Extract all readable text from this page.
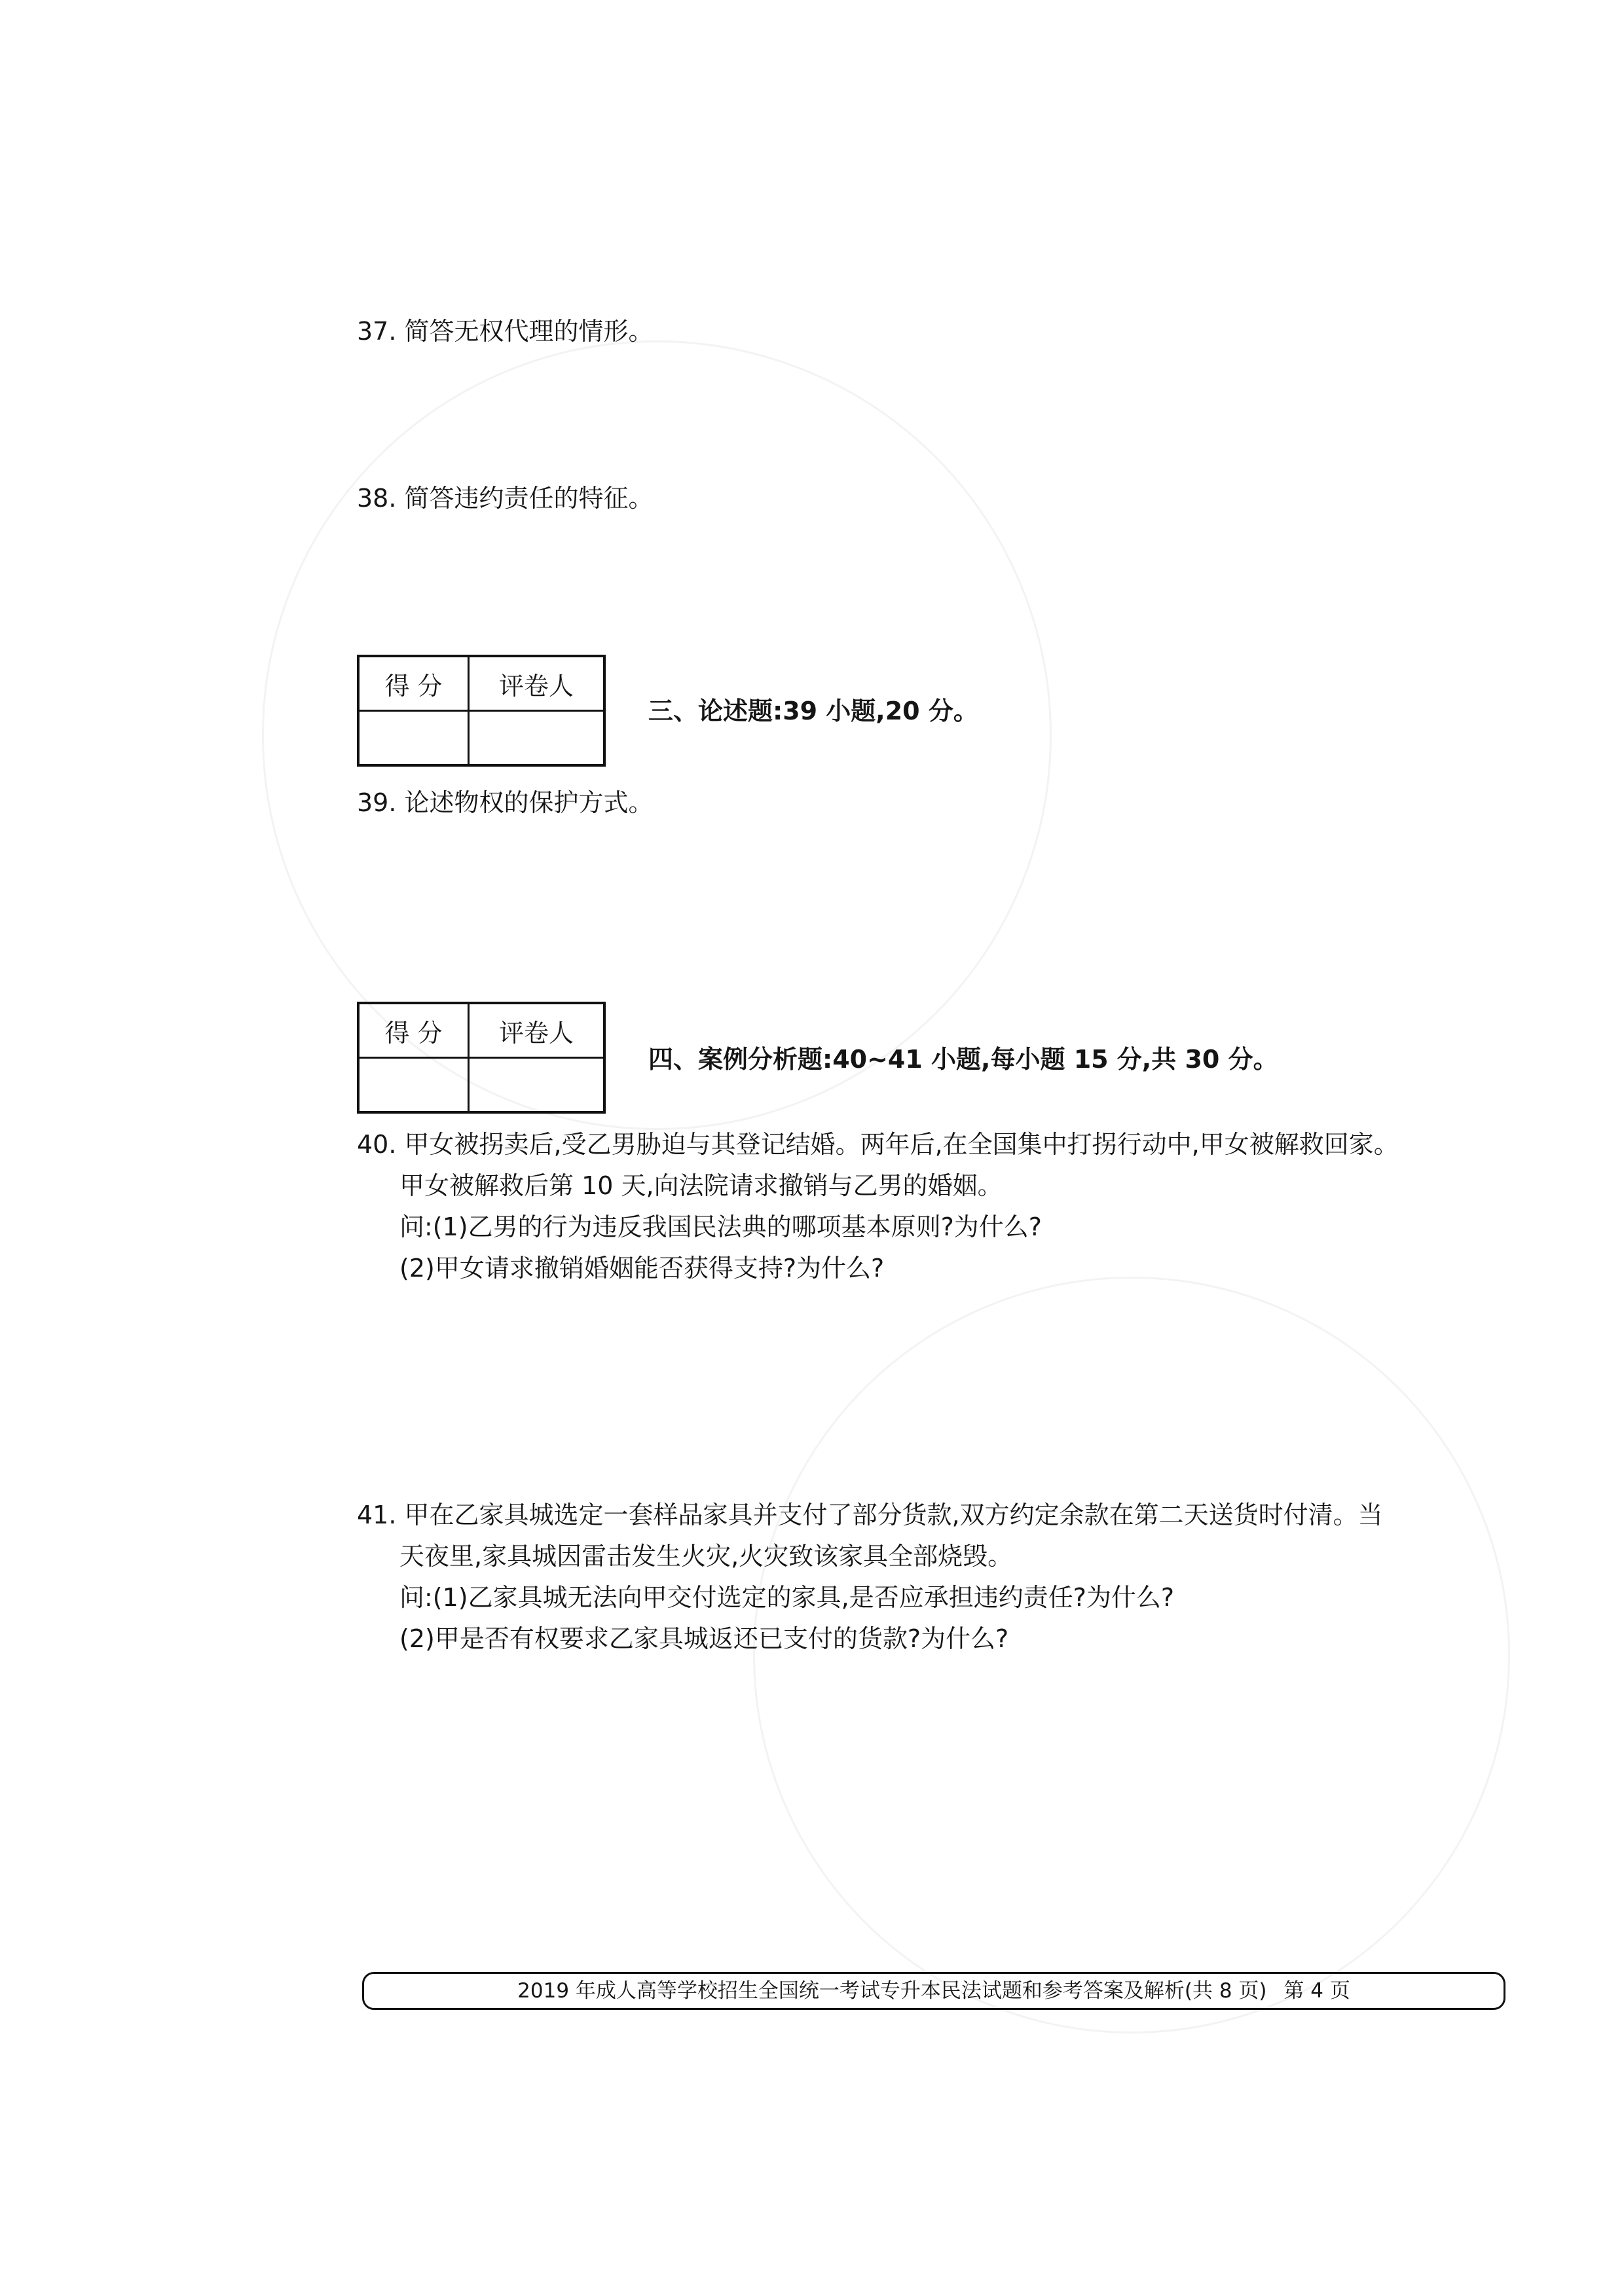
37. 简答无权代理的情形。
38. 简答违约责任的特征。
得 分	评卷人

三、论述题:39 小题,20 分。
39. 论述物权的保护方式。
得 分	评卷人

四、案例分析题:40~41 小题,每小题 15 分,共 30 分。
40. 甲女被拐卖后,受乙男胁迫与其登记结婚。两年后,在全国集中打拐行动中,甲女被解救回家。
甲女被解救后第 10 天,向法院请求撤销与乙男的婚姻。
问:(1)乙男的行为违反我国民法典的哪项基本原则?为什么?
(2)甲女请求撤销婚姻能否获得支持?为什么?
41. 甲在乙家具城选定一套样品家具并支付了部分货款,双方约定余款在第二天送货时付清。当
天夜里,家具城因雷击发生火灾,火灾致该家具全部烧毁。
问:(1)乙家具城无法向甲交付选定的家具,是否应承担违约责任?为什么?
(2)甲是否有权要求乙家具城返还已支付的货款?为什么?
2019 年成人高等学校招生全国统一考试专升本民法试题和参考答案及解析(共 8 页) 第 4 页
